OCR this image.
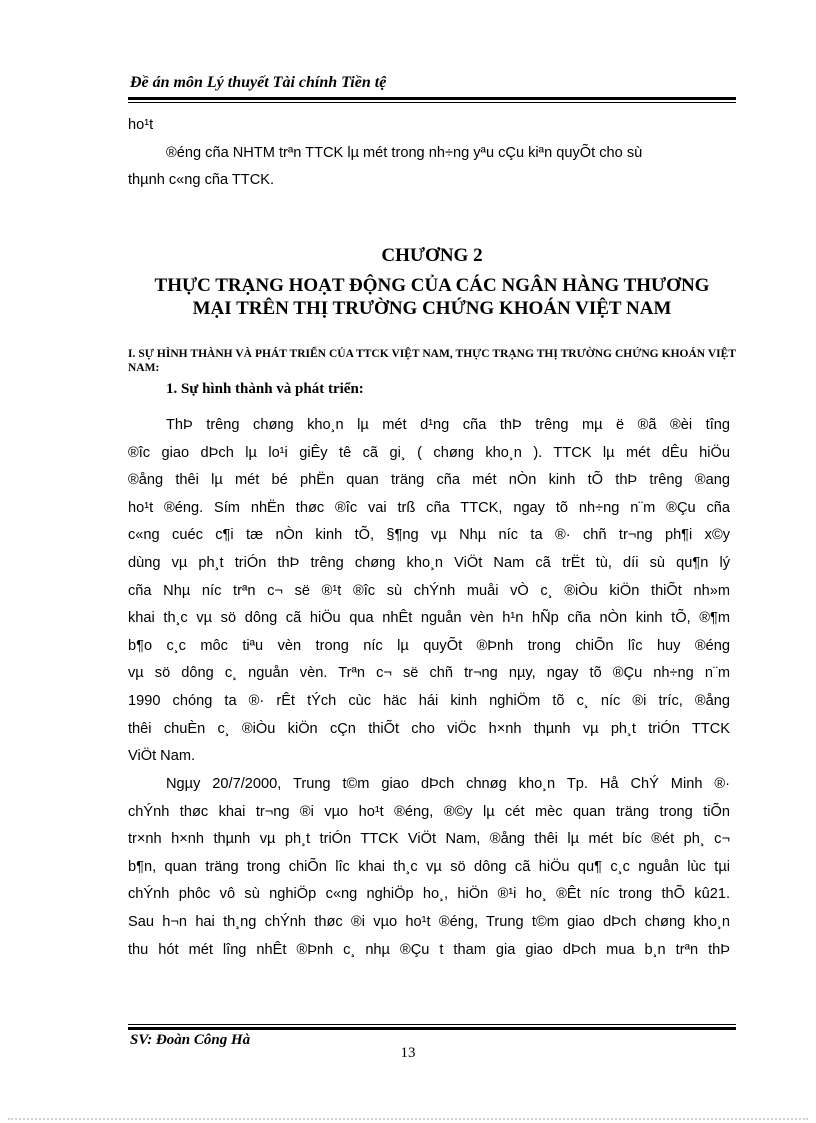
Đề án môn Lý thuyết Tài chính Tiền tệ
ho¹t
®éng cña NHTM trªn TTCK lµ mét trong nh÷ng yªu cÇu kiªn quyÕt cho sù
thµnh c«ng cña TTCK.
CHƯƠNG 2
THỰC TRẠNG HOẠT ĐỘNG CỦA CÁC NGÂN HÀNG THƯƠNG
MẠI TRÊN THỊ TRƯỜNG CHỨNG KHOÁN VIỆT NAM
I. SỰ HÌNH THÀNH VÀ PHÁT TRIỂN CỦA TTCK VIỆT NAM, THỰC TRẠNG THỊ TRƯỜNG CHỨNG KHOÁN VIỆT NAM:
1. Sự hình thành và phát triển:
ThÞ trêng chøng kho¸n lµ mét d¹ng cña thÞ trêng mµ ë ®ã ®èi tîng
®îc giao dÞch lµ lo¹i giÊy tê cã gi¸ ( chøng kho¸n ). TTCK lµ mét dÊu hiÖu
®ång thêi lµ mét bé phËn quan träng cña mét nÒn kinh tÕ thÞ trêng ®ang
ho¹t ®éng. Sím nhËn thøc ®îc vai trß cña TTCK, ngay tõ nh÷ng n¨m ®Çu cña
c«ng cuéc c¶i tæ nÒn kinh tÕ, §¶ng vµ Nhµ níc ta ®· chñ tr¬ng ph¶i x©y
dùng vµ ph¸t triÓn thÞ trêng chøng kho¸n ViÖt Nam cã trËt tù, díi sù qu¶n lý
cña Nhµ níc trªn c¬ së ®¹t ®îc sù chÝnh muåi vÒ c¸ ®iÒu kiÖn thiÕt nh»m
khai th¸c vµ sö dông cã hiÖu qua nhÊt nguån vèn h¹n hÑp cña nÒn kinh tÕ, ®¶m
b¶o c¸c môc tiªu vèn trong níc lµ quyÕt ®Þnh trong chiÕn lîc huy ®éng
vµ sö dông c¸ nguån vèn. Trªn c¬ së chñ tr¬ng nµy, ngay tõ ®Çu nh÷ng n¨m
1990 chóng ta ®· rÊt tÝch cùc häc hái kinh nghiÖm tõ c¸ níc ®i tríc, ®ång
thêi chuÈn c¸ ®iÒu kiÖn cÇn thiÕt cho viÖc h×nh thµnh vµ ph¸t triÓn TTCK
ViÖt Nam.
Ngµy 20/7/2000, Trung t©m giao dÞch chnøg kho¸n Tp. Hå ChÝ Minh ®·
chÝnh thøc khai tr¬ng ®i vµo ho¹t ®éng, ®©y lµ cét mèc quan träng trong tiÕn
tr×nh h×nh thµnh vµ ph¸t triÓn TTCK ViÖt Nam, ®ång thêi lµ mét bíc ®ét ph¸ c¬
b¶n, quan träng trong chiÕn lîc khai th¸c vµ sö dông cã hiÖu qu¶ c¸c nguån lùc tµi
chÝnh phôc vô sù nghiÖp c«ng nghiÖp ho¸, hiÖn ®¹i ho¸ ®Êt níc trong thÕ kû21.
Sau h¬n hai th¸ng chÝnh thøc ®i vµo ho¹t ®éng, Trung t©m giao dÞch chøng kho¸n
thu hót mét lîng nhÊt ®Þnh c¸ nhµ ®Çu t tham gia giao dÞch mua b¸n trªn thÞ
SV: Đoàn Công Hà
13
